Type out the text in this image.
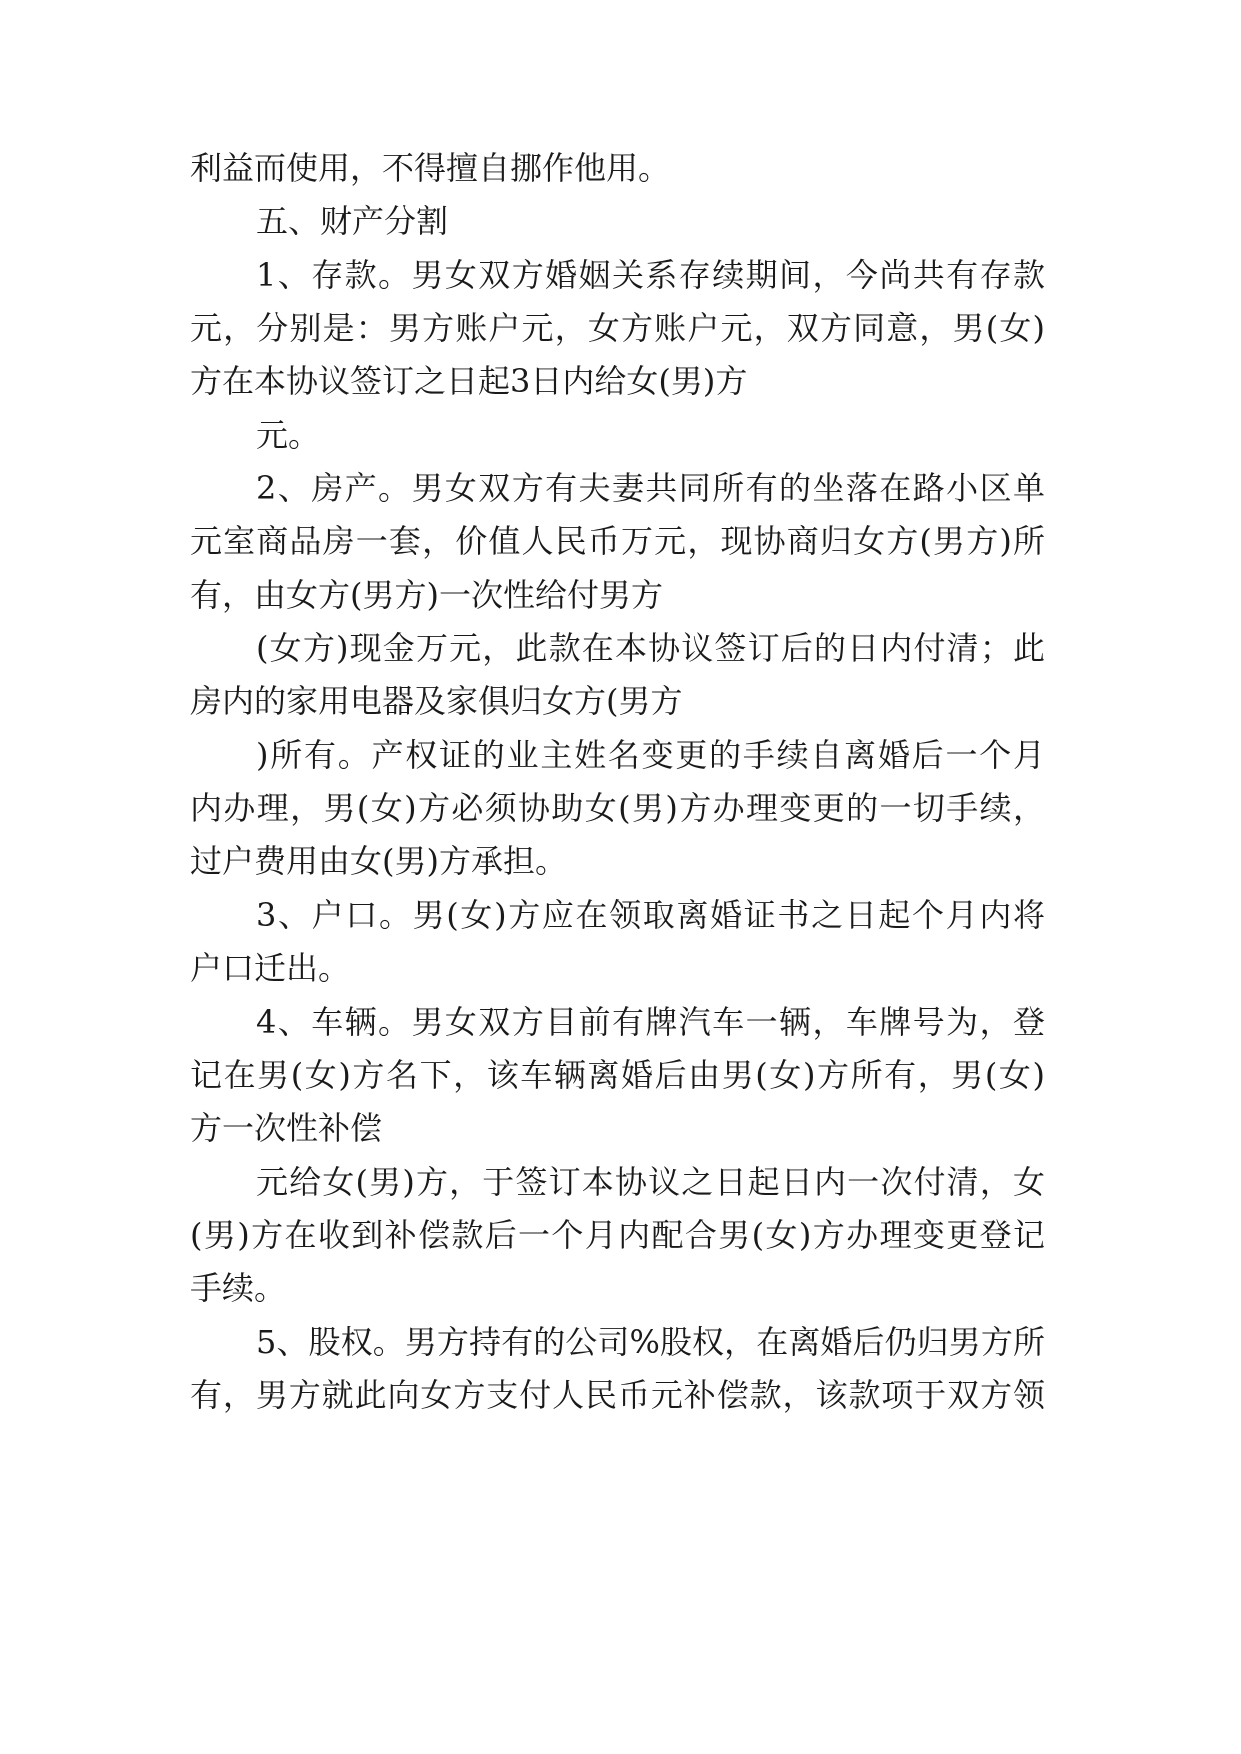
利益而使用，不得擅自挪作他用。
五、财产分割
1、存款。男女双方婚姻关系存续期间，今尚共有存款
元，分别是：男方账户元，女方账户元，双方同意，男(女)
方在本协议签订之日起3日内给女(男)方
元。
2、房产。男女双方有夫妻共同所有的坐落在路小区单
元室商品房一套，价值人民币万元，现协商归女方(男方)所
有，由女方(男方)一次性给付男方
(女方)现金万元，此款在本协议签订后的日内付清；此
房内的家用电器及家俱归女方(男方
)所有。产权证的业主姓名变更的手续自离婚后一个月
内办理，男(女)方必须协助女(男)方办理变更的一切手续，
过户费用由女(男)方承担。
3、户口。男(女)方应在领取离婚证书之日起个月内将
户口迁出。
4、车辆。男女双方目前有牌汽车一辆，车牌号为，登
记在男(女)方名下，该车辆离婚后由男(女)方所有，男(女)
方一次性补偿
元给女(男)方，于签订本协议之日起日内一次付清，女
(男)方在收到补偿款后一个月内配合男(女)方办理变更登记
手续。
5、股权。男方持有的公司%股权，在离婚后仍归男方所
有，男方就此向女方支付人民币元补偿款，该款项于双方领
